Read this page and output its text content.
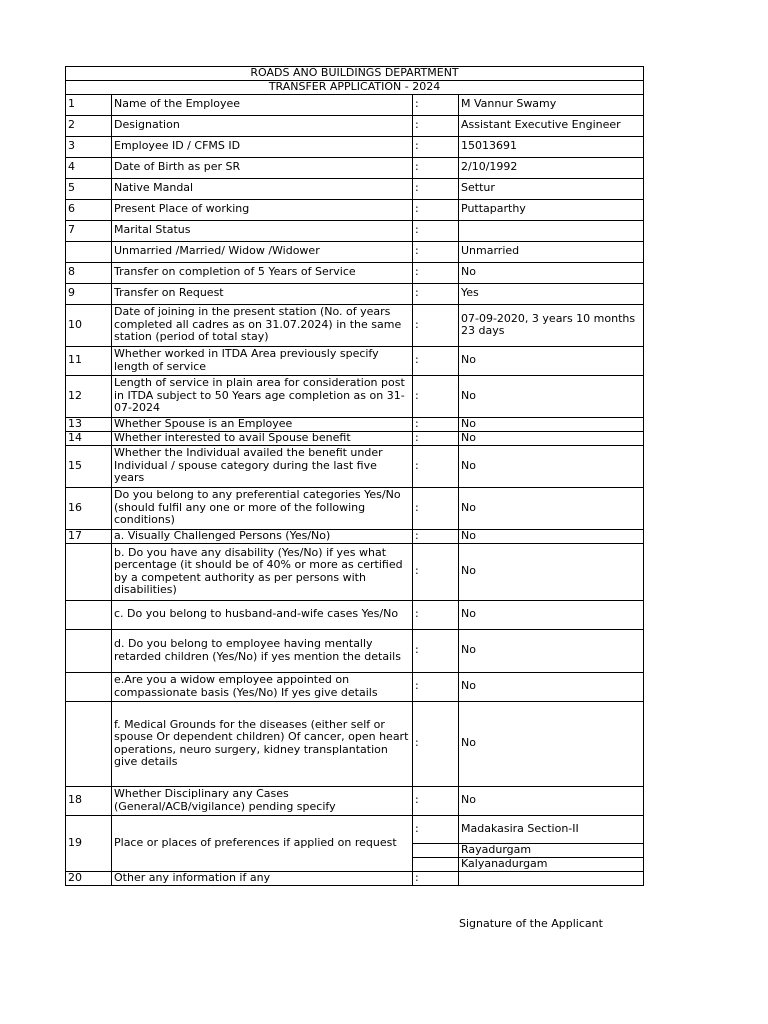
ROADS ANO BUILDINGS DEPARTMENT			
TRANSFER APPLICATION - 2024			
1	Name of the Employee	:	M Vannur Swamy
2	Designation	:	Assistant Executive Engineer
3	Employee ID / CFMS ID	:	15013691
4	Date of Birth as per SR	:	2/10/1992
5	Native Mandal	:	Settur
6	Present Place of working	:	Puttaparthy
7	Marital Status	:	
	Unmarried /Married/ Widow /Widower	:	Unmarried
8	Transfer on completion of 5 Years of Service	:	No
9	Transfer on Request	:	Yes
10	Date of joining in the present station (No. of years completed all cadres as on 31.07.2024) in the same station (period of total stay)	:	07-09-2020, 3 years 10 months 23 days
11	Whether worked in ITDA Area previously specify length of service	:	No
12	Length of service in plain area for consideration post in ITDA subject to 50 Years age completion as on 31-07-2024	:	No
13	Whether Spouse is an Employee	:	No
14	Whether interested to avail Spouse benefit	:	No
15	Whether the Individual availed the benefit under Individual / spouse category during the last five years	:	No
16	Do you belong to any preferential categories Yes/No (should fulfil any one or more of the following conditions)	:	No
17	a. Visually Challenged Persons (Yes/No)	:	No
	b. Do you have any disability (Yes/No) if yes what percentage (it should be of 40% or more as certified by a competent authority as per persons with disabilities)	:	No
	c. Do you belong to husband-and-wife cases Yes/No	:	No
	d. Do you belong to employee having mentally retarded children (Yes/No) if yes mention the details	:	No
	e.Are you a widow employee appointed on compassionate basis (Yes/No) If yes give details	:	No
	f. Medical Grounds for the diseases (either self or spouse Or dependent children) Of cancer, open heart operations, neuro surgery, kidney transplantation give details	:	No
18	Whether Disciplinary any Cases (General/ACB/vigilance) pending specify	:	No
19	Place or places of preferences if applied on request	:	Madakasira Section-II
			Rayadurgam
			Kalyanadurgam
20	Other any information if any	:	
Signature of the Applicant
